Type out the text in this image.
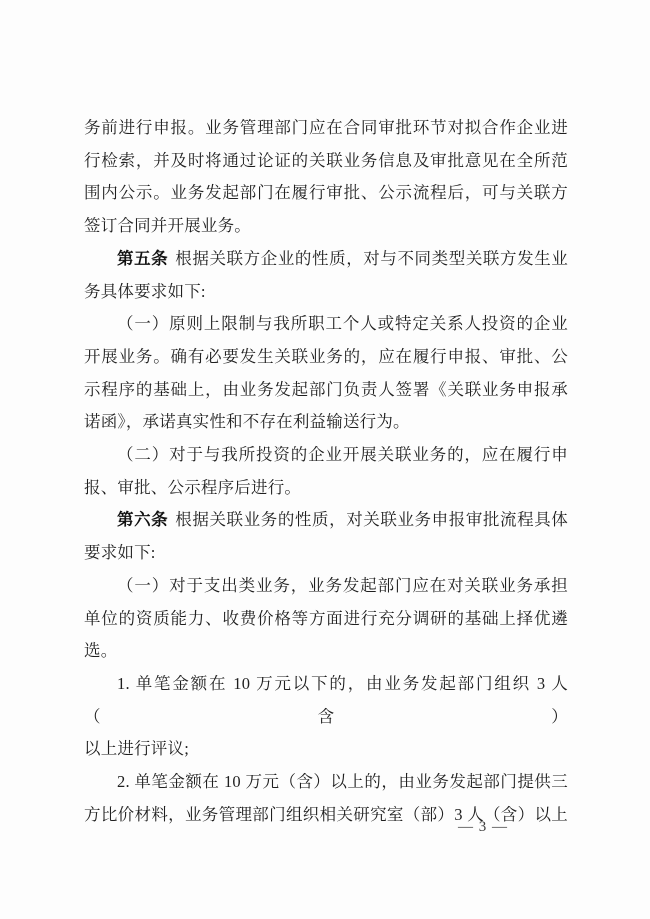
务前进行申报。业务管理部门应在合同审批环节对拟合作企业进
行检索，并及时将通过论证的关联业务信息及审批意见在全所范
围内公示。业务发起部门在履行审批、公示流程后，可与关联方
签订合同并开展业务。
第五条 根据关联方企业的性质，对与不同类型关联方发生业
务具体要求如下:
（一）原则上限制与我所职工个人或特定关系人投资的企业
开展业务。确有必要发生关联业务的，应在履行申报、审批、公
示程序的基础上，由业务发起部门负责人签署《关联业务申报承
诺函》，承诺真实性和不存在利益输送行为。
（二）对于与我所投资的企业开展关联业务的，应在履行申
报、审批、公示程序后进行。
第六条 根据关联业务的性质，对关联业务申报审批流程具体
要求如下:
（一）对于支出类业务，业务发起部门应在对关联业务承担
单位的资质能力、收费价格等方面进行充分调研的基础上择优遴
选。
1. 单笔金额在 10 万元以下的，由业务发起部门组织 3 人（含）
以上进行评议;
2. 单笔金额在 10 万元（含）以上的，由业务发起部门提供三
方比价材料，业务管理部门组织相关研究室（部）3 人（含）以上
— 3 —
